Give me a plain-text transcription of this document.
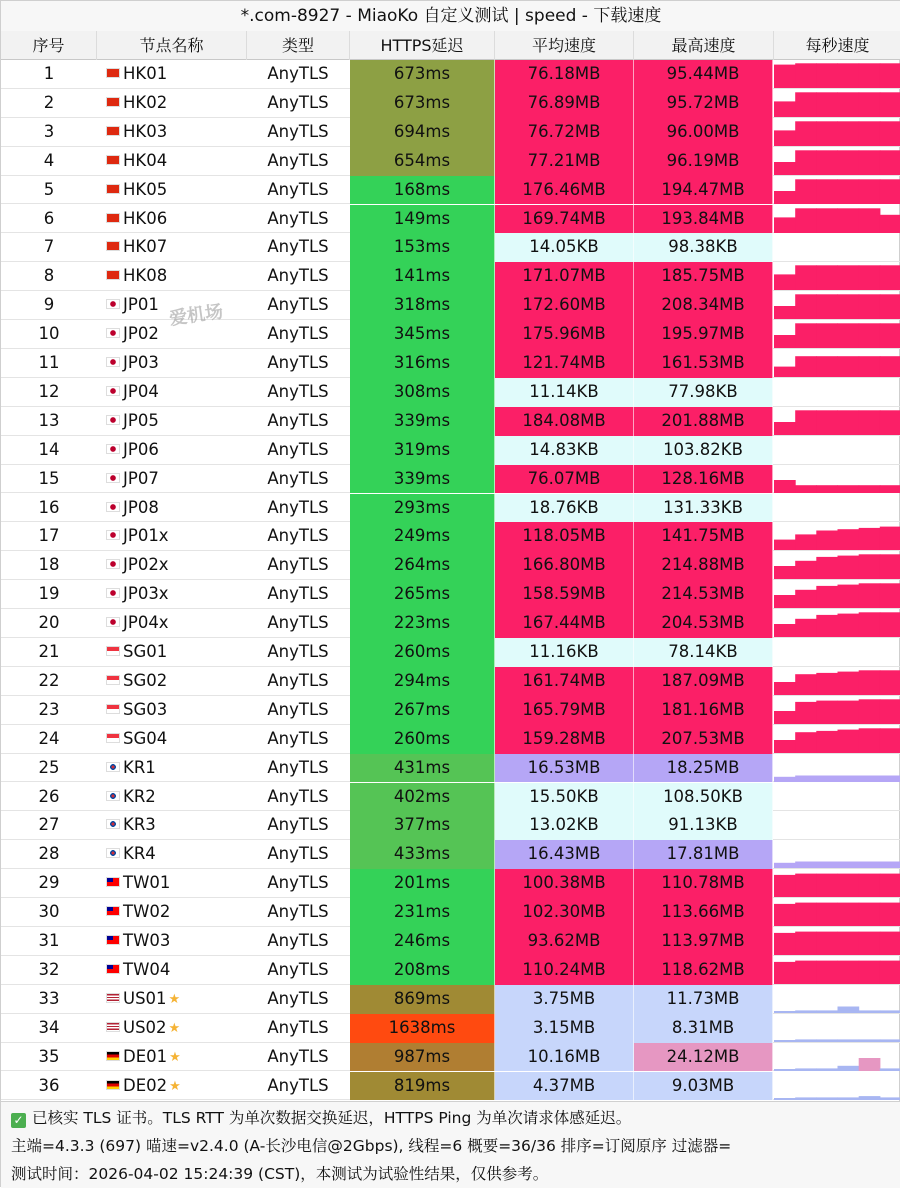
*.com-8927 - MiaoKo 自定义测试 | speed - 下载速度
序号	节点名称	类型	HTTPS延迟	平均速度	最高速度	每秒速度
1	HK01	AnyTLS	673ms	76.18MB	95.44MB
2	HK02	AnyTLS	673ms	76.89MB	95.72MB
3	HK03	AnyTLS	694ms	76.72MB	96.00MB
4	HK04	AnyTLS	654ms	77.21MB	96.19MB
5	HK05	AnyTLS	168ms	176.46MB	194.47MB
6	HK06	AnyTLS	149ms	169.74MB	193.84MB
7	HK07	AnyTLS	153ms	14.05KB	98.38KB
8	HK08	AnyTLS	141ms	171.07MB	185.75MB
9	JP01	AnyTLS	318ms	172.60MB	208.34MB
10	JP02	AnyTLS	345ms	175.96MB	195.97MB
11	JP03	AnyTLS	316ms	121.74MB	161.53MB
12	JP04	AnyTLS	308ms	11.14KB	77.98KB
13	JP05	AnyTLS	339ms	184.08MB	201.88MB
14	JP06	AnyTLS	319ms	14.83KB	103.82KB
15	JP07	AnyTLS	339ms	76.07MB	128.16MB
16	JP08	AnyTLS	293ms	18.76KB	131.33KB
17	JP01x	AnyTLS	249ms	118.05MB	141.75MB
18	JP02x	AnyTLS	264ms	166.80MB	214.88MB
19	JP03x	AnyTLS	265ms	158.59MB	214.53MB
20	JP04x	AnyTLS	223ms	167.44MB	204.53MB
21	SG01	AnyTLS	260ms	11.16KB	78.14KB
22	SG02	AnyTLS	294ms	161.74MB	187.09MB
23	SG03	AnyTLS	267ms	165.79MB	181.16MB
24	SG04	AnyTLS	260ms	159.28MB	207.53MB
25	KR1	AnyTLS	431ms	16.53MB	18.25MB
26	KR2	AnyTLS	402ms	15.50KB	108.50KB
27	KR3	AnyTLS	377ms	13.02KB	91.13KB
28	KR4	AnyTLS	433ms	16.43MB	17.81MB
29	TW01	AnyTLS	201ms	100.38MB	110.78MB
30	TW02	AnyTLS	231ms	102.30MB	113.66MB
31	TW03	AnyTLS	246ms	93.62MB	113.97MB
32	TW04	AnyTLS	208ms	110.24MB	118.62MB
33	US01 ★	AnyTLS	869ms	3.75MB	11.73MB
34	US02 ★	AnyTLS	1638ms	3.15MB	8.31MB
35	DE01 ★	AnyTLS	987ms	10.16MB	24.12MB
36	DE02 ★	AnyTLS	819ms	4.37MB	9.03MB
爱机场
✓ 已核实 TLS 证书。TLS RTT 为单次数据交换延迟，HTTPS Ping 为单次请求体感延迟。
主端=4.3.3 (697) 喵速=v2.4.0 (A-长沙电信@2Gbps), 线程=6 概要=36/36 排序=订阅原序 过滤器=
测试时间：2026-04-02 15:24:39 (CST)，本测试为试验性结果，仅供参考。
